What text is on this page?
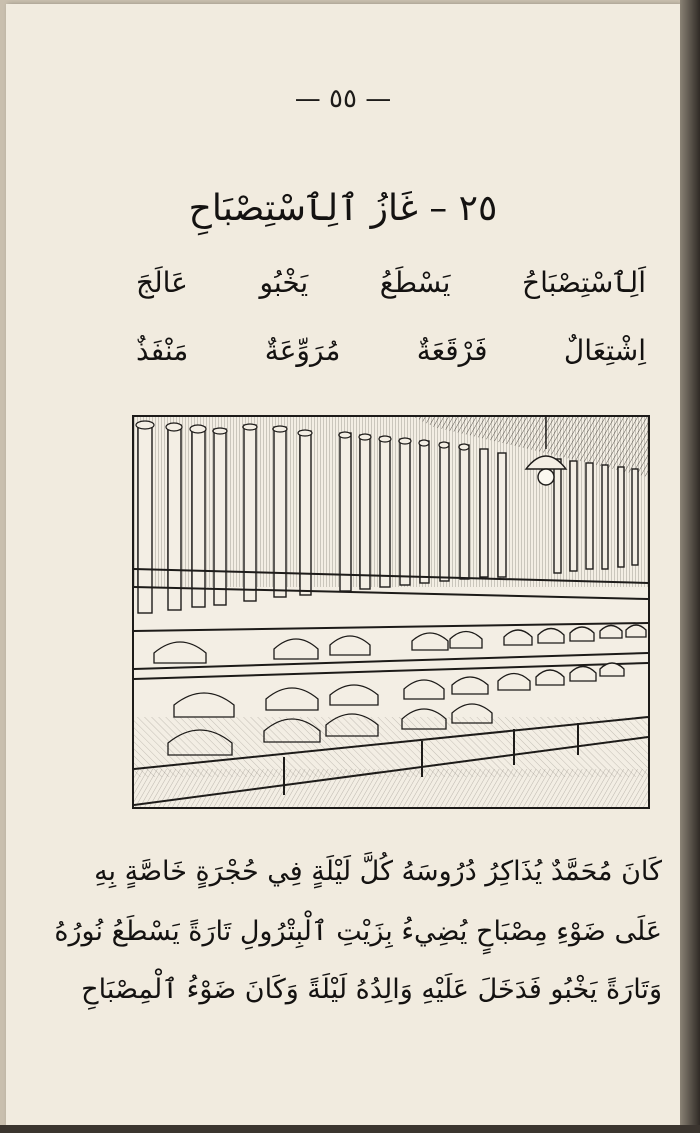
— ٥٥ —
٢٥ – غَازُ ٱلِٱسْتِصْبَاحِ
اَلِٱسْتِصْبَاحُ
يَسْطَعُ
يَخْبُو
عَالَجَ
اِشْتِعَالٌ
فَرْقَعَةٌ
مُرَوِّعَةٌ
مَنْفَذٌ
كَانَ مُحَمَّدٌ يُذَاكِرُ دُرُوسَهُ كُلَّ لَيْلَةٍ فِي حُجْرَةٍ خَاصَّةٍ بِهِ
عَلَى ضَوْءِ مِصْبَاحٍ يُضِيءُ بِزَيْتِ ٱلْبِتْرُولِ تَارَةً يَسْطَعُ نُورُهُ
وَتَارَةً يَخْبُو فَدَخَلَ عَلَيْهِ وَالِدُهُ لَيْلَةً وَكَانَ ضَوْءُ ٱلْمِصْبَاحِ
